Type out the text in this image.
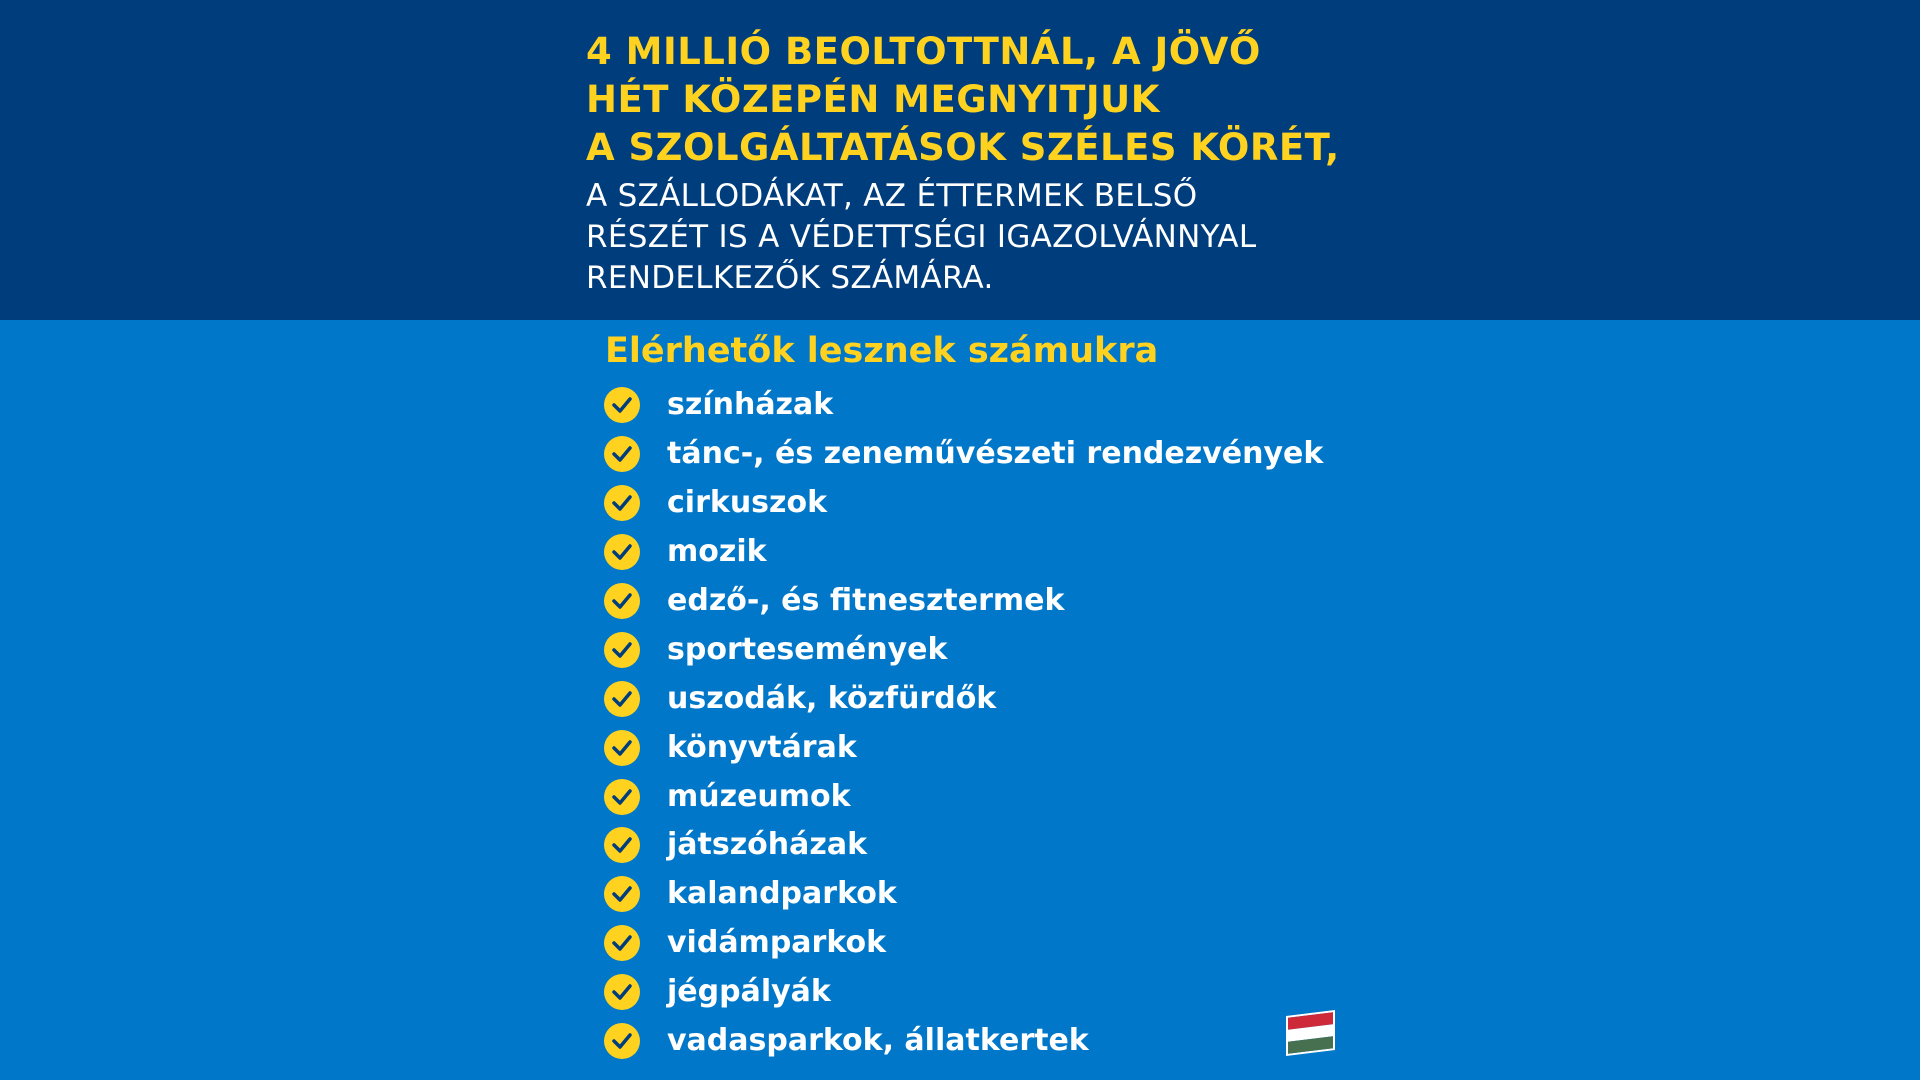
4 MILLIÓ BEOLTOTTNÁL, A JÖVŐ
HÉT KÖZEPÉN MEGNYITJUK
A SZOLGÁLTATÁSOK SZÉLES KÖRÉT,

A SZÁLLODÁKAT, AZ ÉTTERMEK BELSŐ
RÉSZÉT IS A VÉDETTSÉGI IGAZOLVÁNNYAL
RENDELKEZŐK SZÁMÁRA.

Elérhetők lesznek számukra
színházak
tánc-, és zeneművészeti rendezvények
cirkuszok
mozik
edző-, és fitnesztermek
sportesemények
uszodák, közfürdők
könyvtárak
múzeumok
játszóházak
kalandparkok
vidámparkok
jégpályák
vadasparkok, állatkertek
